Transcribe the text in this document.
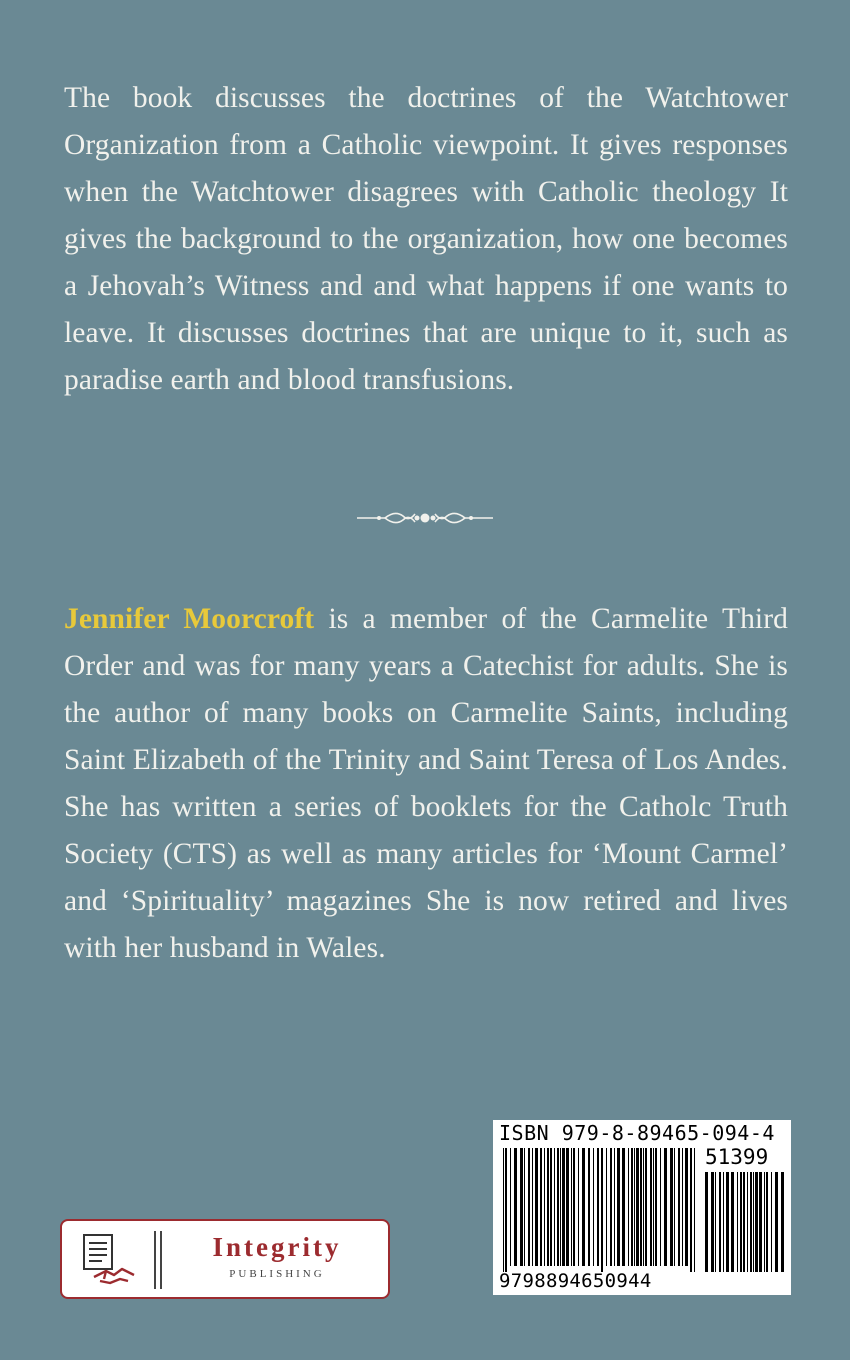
The book discusses the doctrines of the Watchtower Organization from a Catholic viewpoint. It gives responses when the Watchtower disagrees with Catholic theology It gives the background to the organization, how one becomes a Jehovah’s Witness and and what happens if one wants to leave. It discusses doctrines that are unique to it, such as paradise earth and blood transfusions.
Jennifer Moorcroft is a member of the Carmelite Third Order and was for many years a Catechist for adults. She is the author of many books on Carmelite Saints, including Saint Elizabeth of the Trinity and Saint Teresa of Los Andes. She has written a series of booklets for the Catholc Truth Society (CTS) as well as many articles for ‘Mount Carmel’ and ‘Spirituality’ magazines She is now retired and lives with her husband in Wales.
Integrity
PUBLISHING
ISBN 979-8-89465-094-4
51399
9798894650944
